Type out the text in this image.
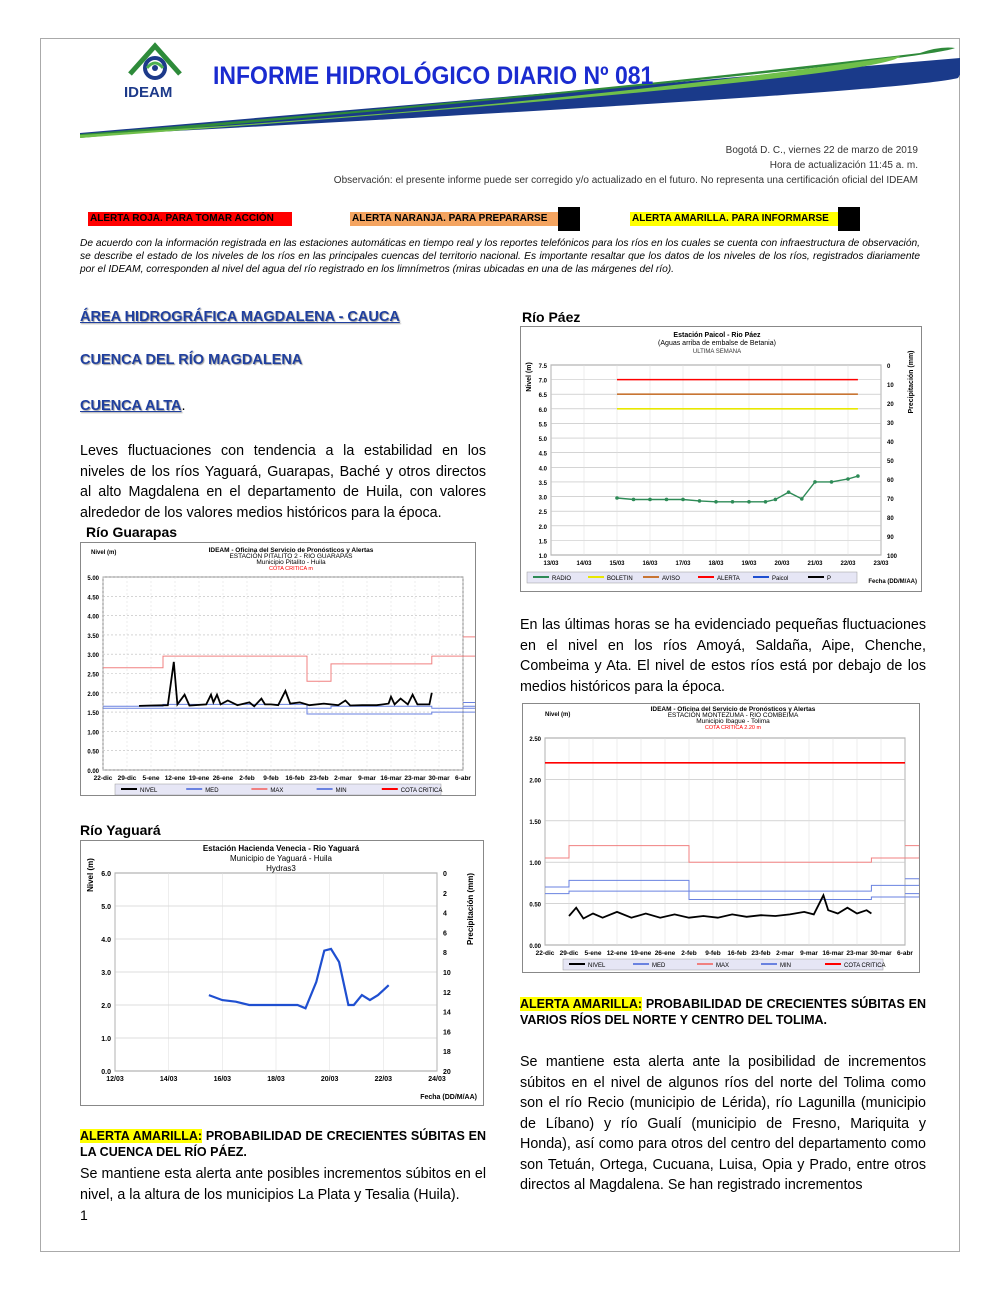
IDEAM
INFORME HIDROLÓGICO DIARIO Nº 081
Bogotá D. C., viernes 22 de marzo de 2019
Hora de actualización 11:45 a. m.
Observación: el presente informe puede ser corregido y/o actualizado en el futuro. No representa una certificación oficial del IDEAM
ALERTA ROJA. PARA TOMAR ACCIÓN	ALERTA NARANJA. PARA PREPARARSE	ALERTA AMARILLA. PARA INFORMARSE
De acuerdo con la información registrada en las estaciones automáticas en tiempo real y los reportes telefónicos para los ríos en los cuales se cuenta con infraestructura de observación, se describe el estado de los niveles de los ríos en las principales cuencas del territorio nacional. Es importante resaltar que los datos de los niveles de los ríos, registrados diariamente por el IDEAM, corresponden al nivel del agua del río registrado en los limnímetros (miras ubicadas en una de las márgenes del río).
ÁREA HIDROGRÁFICA MAGDALENA - CAUCA
CUENCA DEL RÍO MAGDALENA
CUENCA ALTA.
Leves fluctuaciones con tendencia a la estabilidad en los niveles de los ríos Yaguará, Guarapas, Baché y otros directos al alto Magdalena en el departamento de Huila, con valores alrededor de los valores medios históricos para la época.
Río Guarapas
IDEAM - Oficina del Servicio de Pronósticos y Alertas
ESTACIÓN PITALITO 2 - RIO GUARAPAS
Municipio Pitalito - Huila
COTA CRITICA m
0.00
0.50
1.00
1.50
2.00
2.50
3.00
3.50
4.00
4.50
5.00
22-dic 29-dic 5-ene 12-ene 19-ene 26-ene 2-feb 9-feb 16-feb 23-feb 2-mar 9-mar 16-mar 23-mar 30-mar 6-abr
Nivel (m)
NIVEL	MED	MAX	MIN	COTA CRITICA
Río Yaguará
Estación Hacienda Venecia - Rio Yaguará
Municipio de Yaguará - Huila
Hydras3
0.0
1.0
2.0
3.0
4.0
5.0
6.0	0
2
4
6
8
10
12
14
16
18
20
12/03	14/03	16/03	18/03	20/03	22/03	24/03
Nivel (m)	Precipitación (mm)
Fecha (DD/M/AA)
ALERTA AMARILLA: PROBABILIDAD DE CRECIENTES SÚBITAS EN LA CUENCA DEL RÍO PÁEZ.
Se mantiene esta alerta ante posibles incrementos súbitos en el nivel, a la altura de los municipios La Plata y Tesalia (Huila).
1
Río Páez
Estación Paicol - Rio Páez
(Aguas arriba de embalse de Betania)
ULTIMA SEMANA
1.0
1.5
2.0
2.5
3.0
3.5
4.0
4.5
5.0
5.5
6.0
6.5
7.0
7.5	0
10
20
30
40
50
60
70
80
90
100
13/03	14/03	15/03	16/03	17/03	18/03	19/03	20/03	21/03	22/03	23/03
Nivel (m)	Precipitación (mm)
Fecha (DD/M/AA)
RADIO	BOLETIN	AVISO	ALERTA	Paicol	P
En las últimas horas se ha evidenciado pequeñas fluctuaciones en el nivel en los ríos Amoyá, Saldaña, Aipe, Chenche, Combeima y Ata. El nivel de estos ríos está por debajo de los medios históricos para la época.
IDEAM - Oficina del Servicio de Pronósticos y Alertas
ESTACIÓN MONTEZUMA - RIO COMBEIMA
Municipio Ibague - Tolima
COTA CRITICA 2.20 m
0.00
0.50
1.00
1.50
2.00
2.50
22-dic 29-dic 5-ene 12-ene 19-ene 26-ene 2-feb 9-feb 16-feb 23-feb 2-mar 9-mar 16-mar 23-mar 30-mar 6-abr
Nivel (m)
NIVEL	MED	MAX	MIN	COTA CRITICA
ALERTA AMARILLA: PROBABILIDAD DE CRECIENTES SÚBITAS EN VARIOS RÍOS DEL NORTE Y CENTRO DEL TOLIMA.
Se mantiene esta alerta ante la posibilidad de incrementos súbitos en el nivel de algunos ríos del norte del Tolima como son el río Recio (municipio de Lérida), río Lagunilla (municipio de Líbano) y río Gualí (municipio de Fresno, Mariquita y Honda), así como para otros del centro del departamento como son Tetuán, Ortega, Cucuana, Luisa, Opia y Prado, entre otros directos al Magdalena. Se han registrado incrementos
